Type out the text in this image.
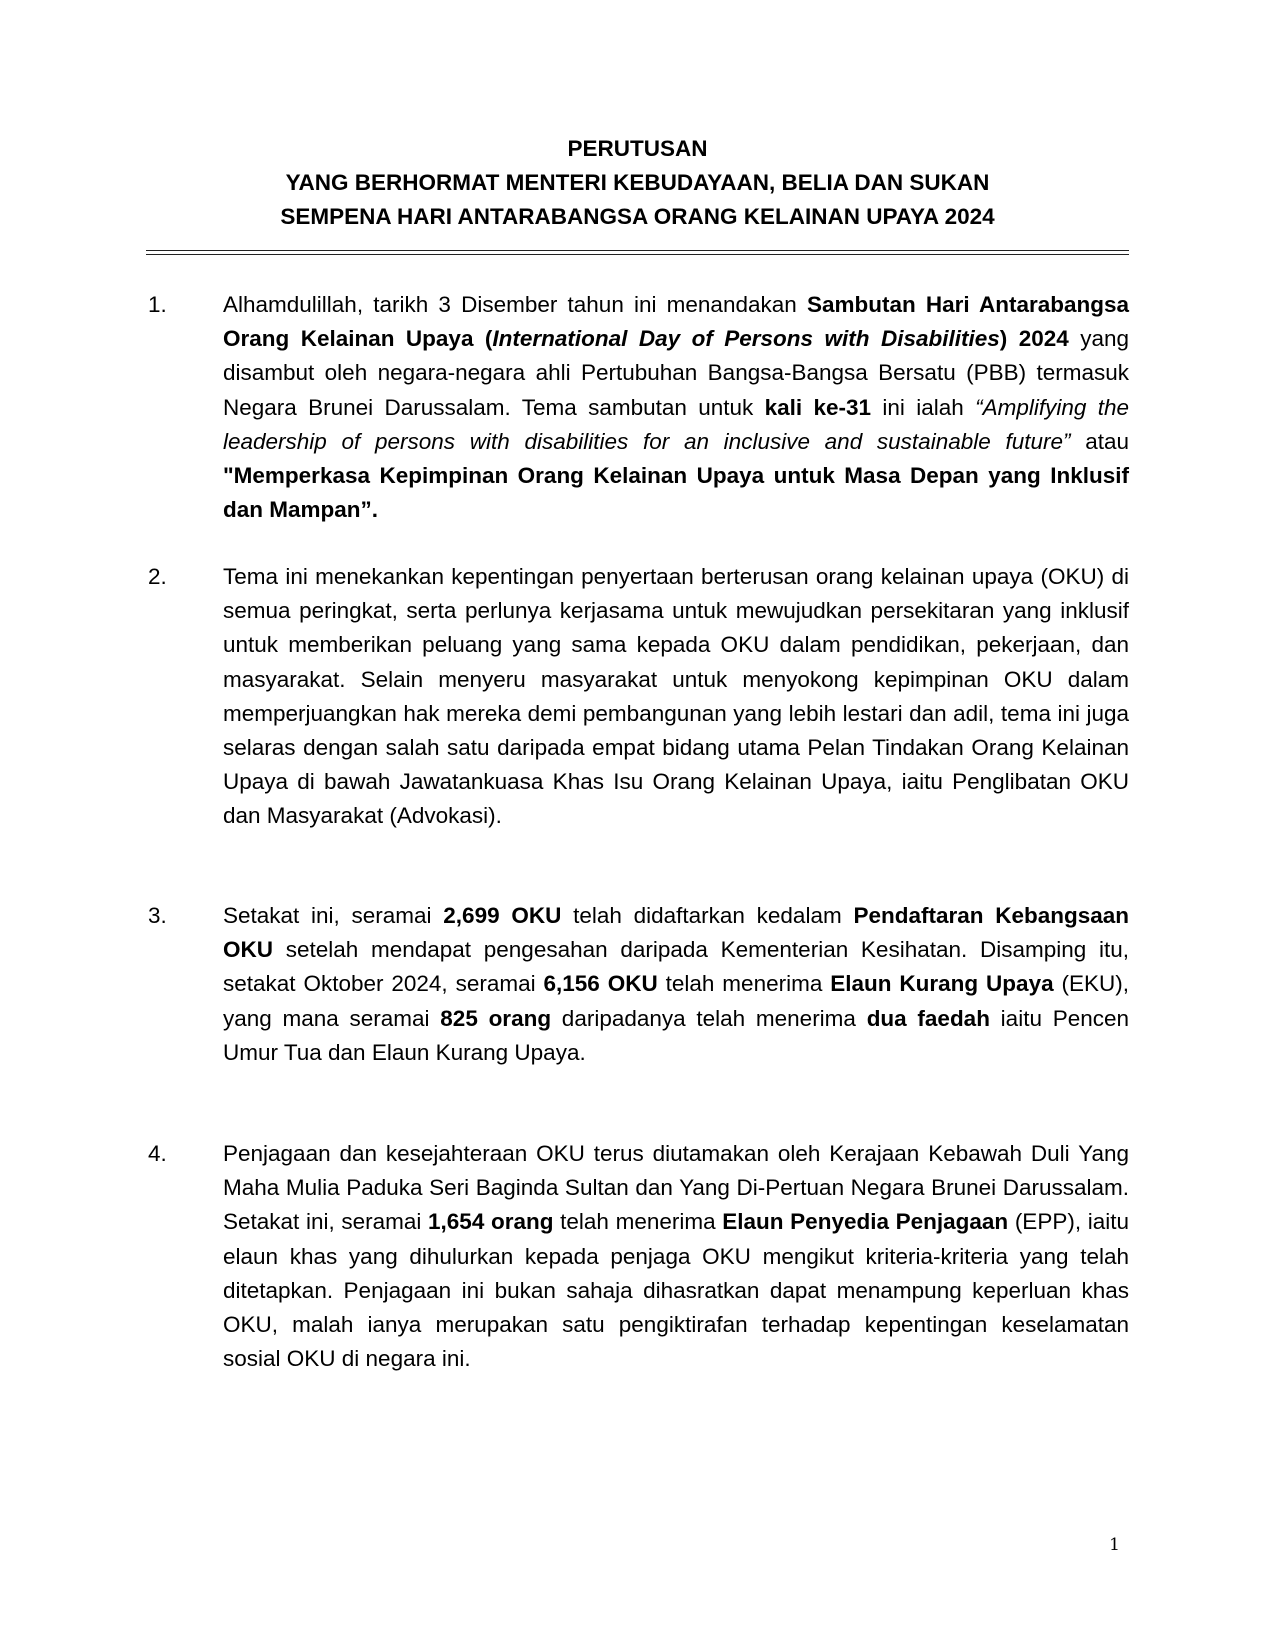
PERUTUSAN
YANG BERHORMAT MENTERI KEBUDAYAAN, BELIA DAN SUKAN
SEMPENA HARI ANTARABANGSA ORANG KELAINAN UPAYA 2024
1.	Alhamdulillah, tarikh 3 Disember tahun ini menandakan Sambutan Hari Antarabangsa Orang Kelainan Upaya (International Day of Persons with Disabilities) 2024 yang disambut oleh negara-negara ahli Pertubuhan Bangsa-Bangsa Bersatu (PBB) termasuk Negara Brunei Darussalam. Tema sambutan untuk kali ke-31 ini ialah “Amplifying the leadership of persons with disabilities for an inclusive and sustainable future” atau "Memperkasa Kepimpinan Orang Kelainan Upaya untuk Masa Depan yang Inklusif dan Mampan”.
2.	Tema ini menekankan kepentingan penyertaan berterusan orang kelainan upaya (OKU) di semua peringkat, serta perlunya kerjasama untuk mewujudkan persekitaran yang inklusif untuk memberikan peluang yang sama kepada OKU dalam pendidikan, pekerjaan, dan masyarakat. Selain menyeru masyarakat untuk menyokong kepimpinan OKU dalam memperjuangkan hak mereka demi pembangunan yang lebih lestari dan adil, tema ini juga selaras dengan salah satu daripada empat bidang utama Pelan Tindakan Orang Kelainan Upaya di bawah Jawatankuasa Khas Isu Orang Kelainan Upaya, iaitu Penglibatan OKU dan Masyarakat (Advokasi).
3.	Setakat ini, seramai 2,699 OKU telah didaftarkan kedalam Pendaftaran Kebangsaan OKU setelah mendapat pengesahan daripada Kementerian Kesihatan. Disamping itu, setakat Oktober 2024, seramai 6,156 OKU telah menerima Elaun Kurang Upaya (EKU), yang mana seramai 825 orang daripadanya telah menerima dua faedah iaitu Pencen Umur Tua dan Elaun Kurang Upaya.
4.	Penjagaan dan kesejahteraan OKU terus diutamakan oleh Kerajaan Kebawah Duli Yang Maha Mulia Paduka Seri Baginda Sultan dan Yang Di-Pertuan Negara Brunei Darussalam. Setakat ini, seramai 1,654 orang telah menerima Elaun Penyedia Penjagaan (EPP), iaitu elaun khas yang dihulurkan kepada penjaga OKU mengikut kriteria-kriteria yang telah ditetapkan. Penjagaan ini bukan sahaja dihasratkan dapat menampung keperluan khas OKU, malah ianya merupakan satu pengiktirafan terhadap kepentingan keselamatan sosial OKU di negara ini.
1
